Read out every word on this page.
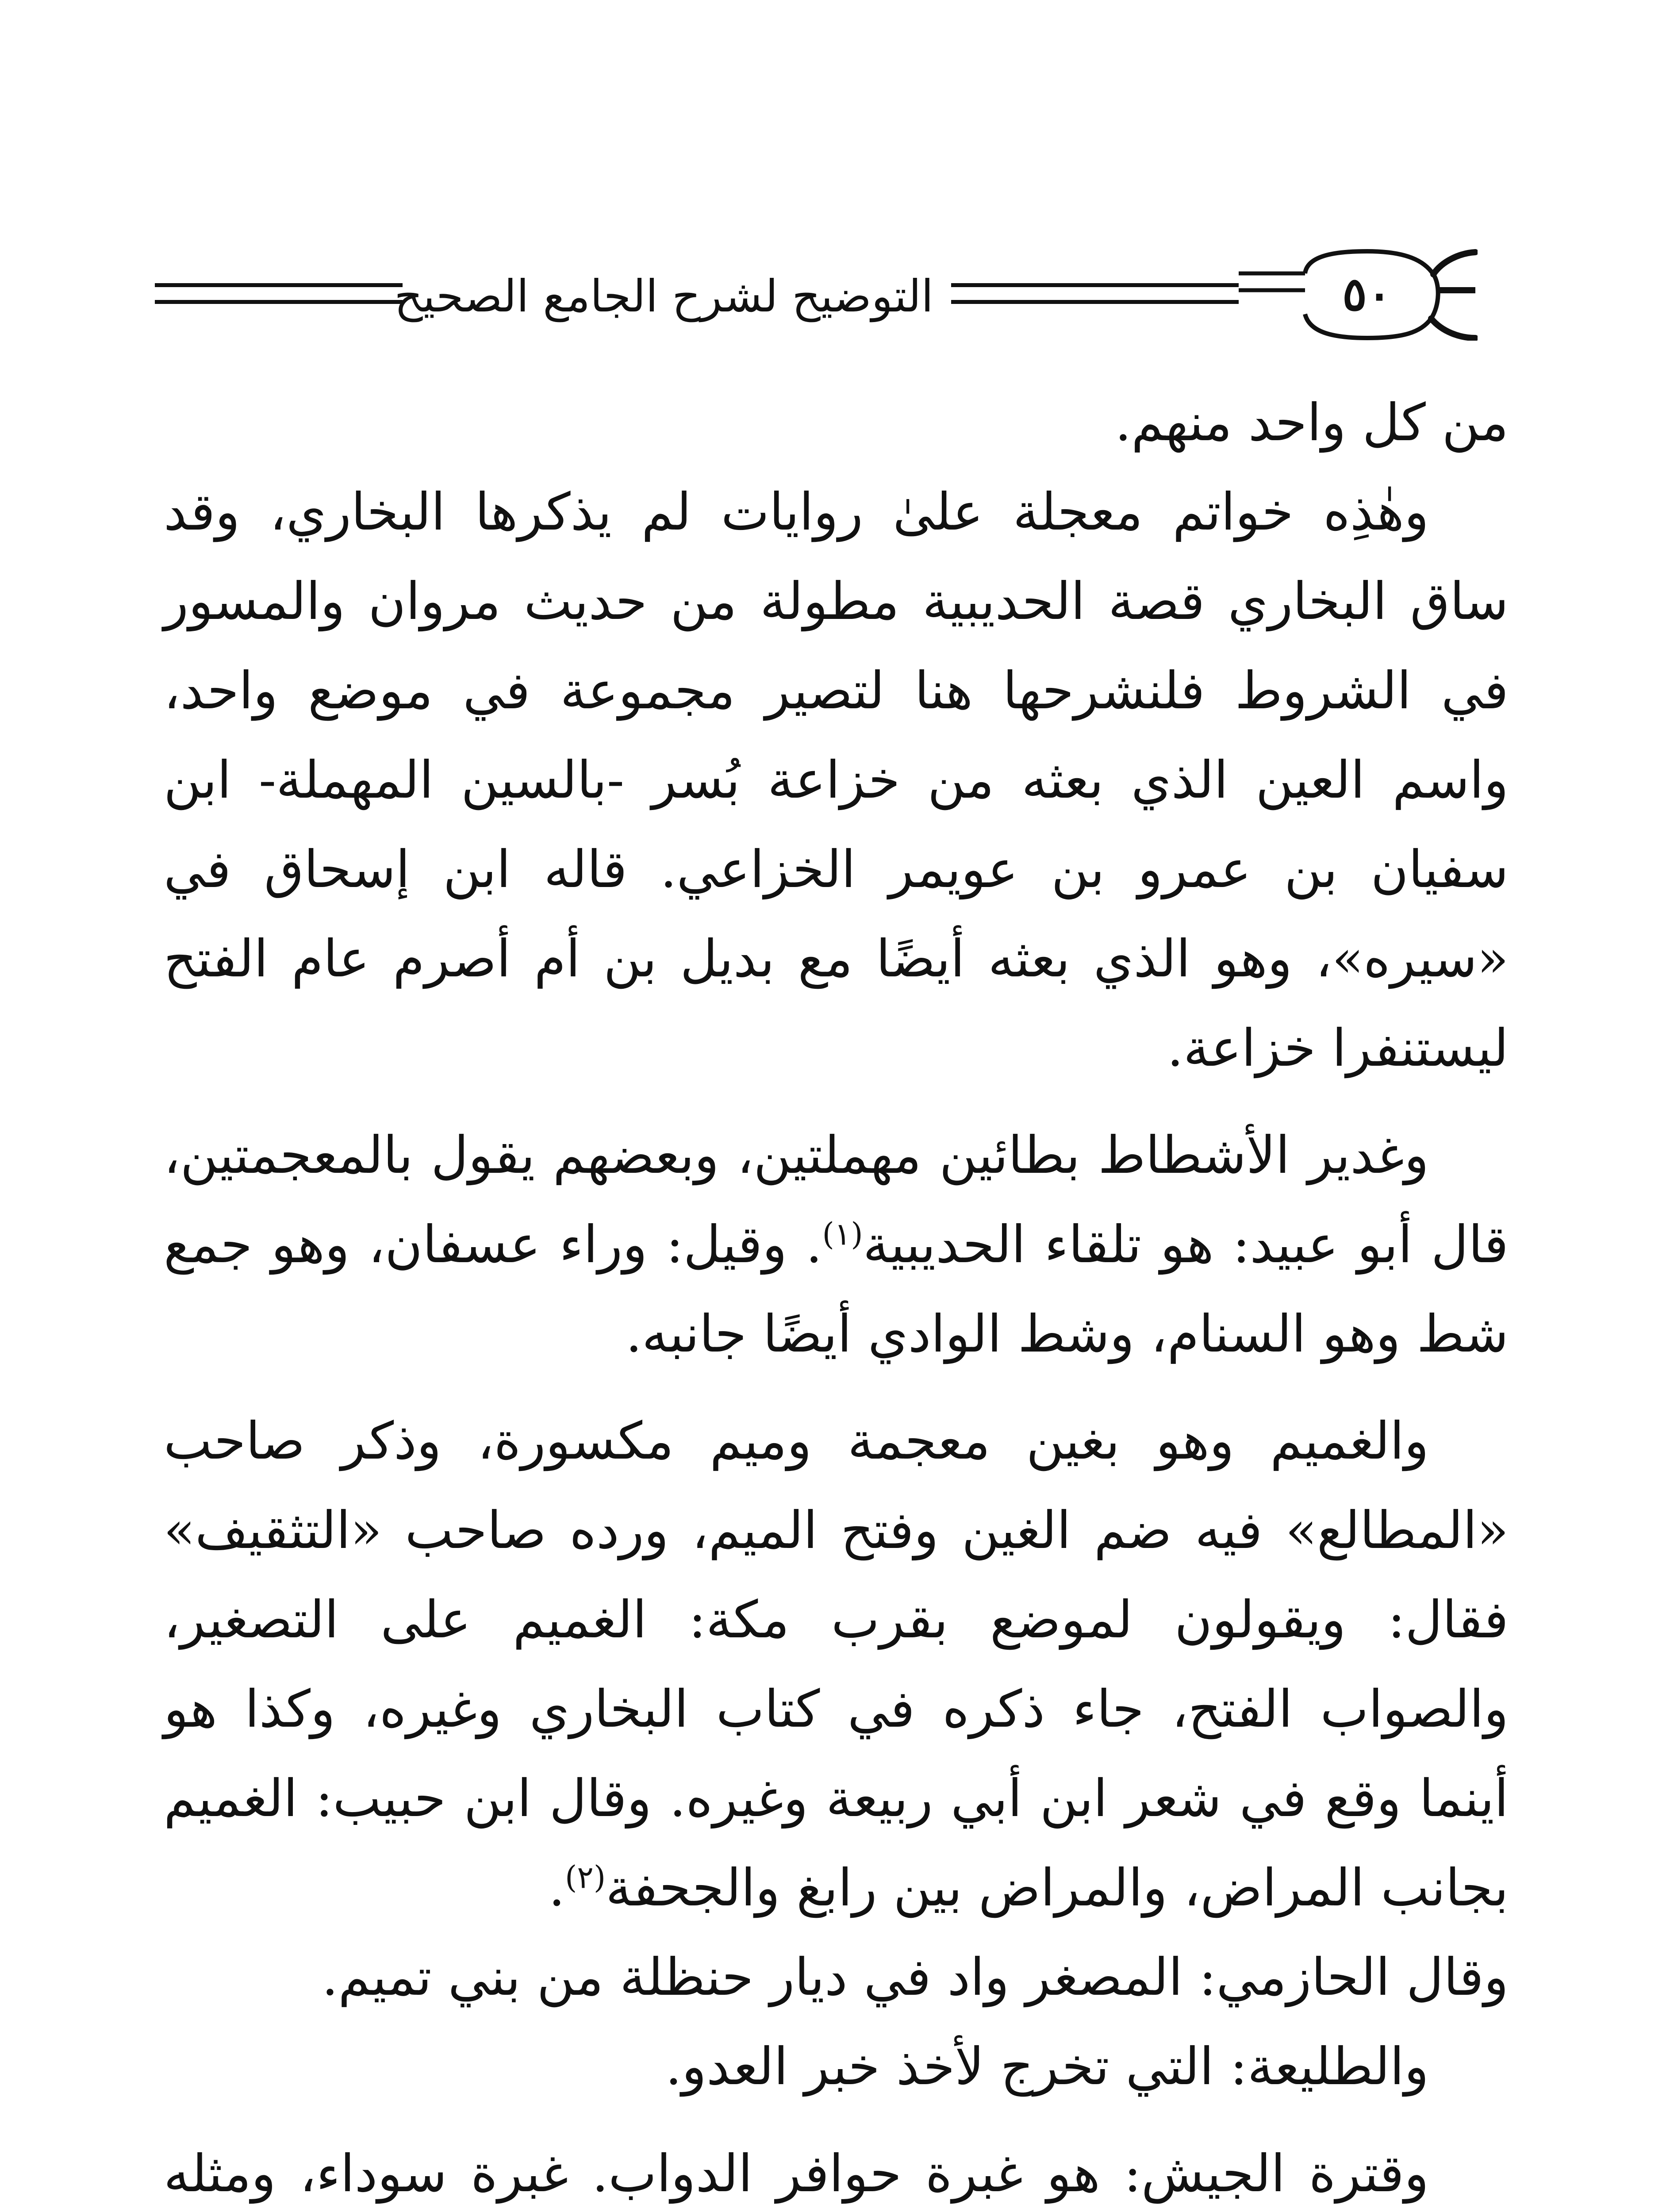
التوضيح لشرح الجامع الصحيح	٥٠

من كل واحد منهم.

وهٰذِه خواتم معجلة علىٰ روايات لم يذكرها البخاري، وقد ساق البخاري قصة الحديبية مطولة من حديث مروان والمسور في الشروط فلنشرحها هنا لتصير مجموعة في موضع واحد، واسم العين الذي بعثه من خزاعة بُسر -بالسين المهملة- ابن سفيان بن عمرو بن عويمر الخزاعي. قاله ابن إسحاق في «سيره»، وهو الذي بعثه أيضًا مع بديل بن أم أصرم عام الفتح ليستنفرا خزاعة.

وغدير الأشطاط بطائين مهملتين، وبعضهم يقول بالمعجمتين، قال أبو عبيد: هو تلقاء الحديبية$^{(١)}$. وقيل: وراء عسفان، وهو جمع شط وهو السنام، وشط الوادي أيضًا جانبه.

والغميم وهو بغين معجمة وميم مكسورة، وذكر صاحب «المطالع» فيه ضم الغين وفتح الميم، ورده صاحب «التثقيف» فقال: ويقولون لموضع بقرب مكة: الغميم على التصغير، والصواب الفتح، جاء ذكره في كتاب البخاري وغيره، وكذا هو أينما وقع في شعر ابن أبي ربيعة وغيره. وقال ابن حبيب: الغميم بجانب المراض، والمراض بين رابغ والجحفة$^{(٢)}$.

وقال الحازمي: المصغر واد في ديار حنظلة من بني تميم.

والطليعة: التي تخرج لأخذ خبر العدو.

وقترة الجيش: هو غبرة حوافر الدواب. غبرة سوداء، ومثله
